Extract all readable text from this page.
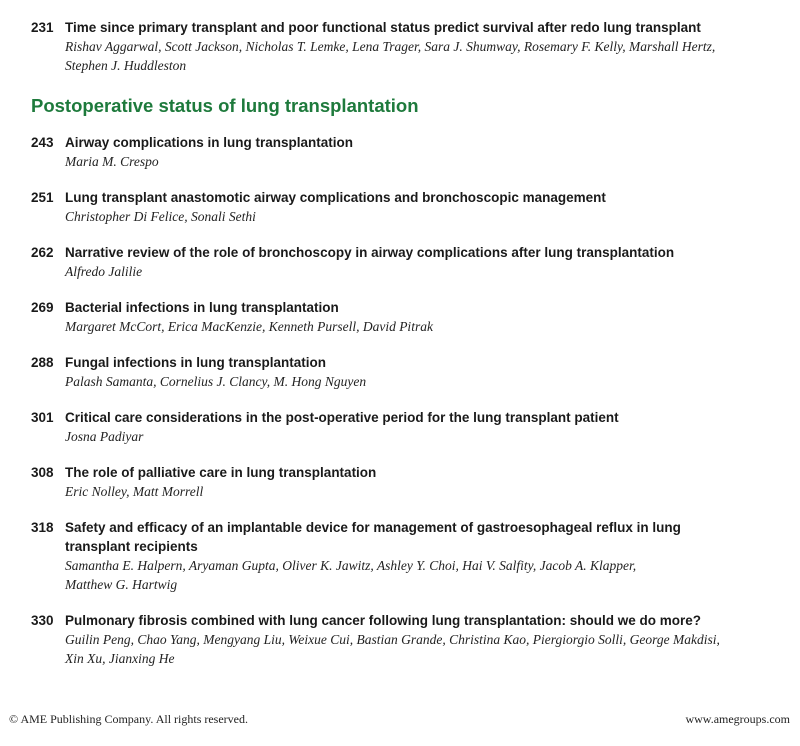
231 Time since primary transplant and poor functional status predict survival after redo lung transplant
Rishav Aggarwal, Scott Jackson, Nicholas T. Lemke, Lena Trager, Sara J. Shumway, Rosemary F. Kelly, Marshall Hertz,
Stephen J. Huddleston
Postoperative status of lung transplantation
243 Airway complications in lung transplantation
Maria M. Crespo
251 Lung transplant anastomotic airway complications and bronchoscopic management
Christopher Di Felice, Sonali Sethi
262 Narrative review of the role of bronchoscopy in airway complications after lung transplantation
Alfredo Jalilie
269 Bacterial infections in lung transplantation
Margaret McCort, Erica MacKenzie, Kenneth Pursell, David Pitrak
288 Fungal infections in lung transplantation
Palash Samanta, Cornelius J. Clancy, M. Hong Nguyen
301 Critical care considerations in the post-operative period for the lung transplant patient
Josna Padiyar
308 The role of palliative care in lung transplantation
Eric Nolley, Matt Morrell
318 Safety and efficacy of an implantable device for management of gastroesophageal reflux in lung
transplant recipients
Samantha E. Halpern, Aryaman Gupta, Oliver K. Jawitz, Ashley Y. Choi, Hai V. Salfity, Jacob A. Klapper,
Matthew G. Hartwig
330 Pulmonary fibrosis combined with lung cancer following lung transplantation: should we do more?
Guilin Peng, Chao Yang, Mengyang Liu, Weixue Cui, Bastian Grande, Christina Kao, Piergiorgio Solli, George Makdisi,
Xin Xu, Jianxing He
© AME Publishing Company. All rights reserved.	www.amegroups.com
